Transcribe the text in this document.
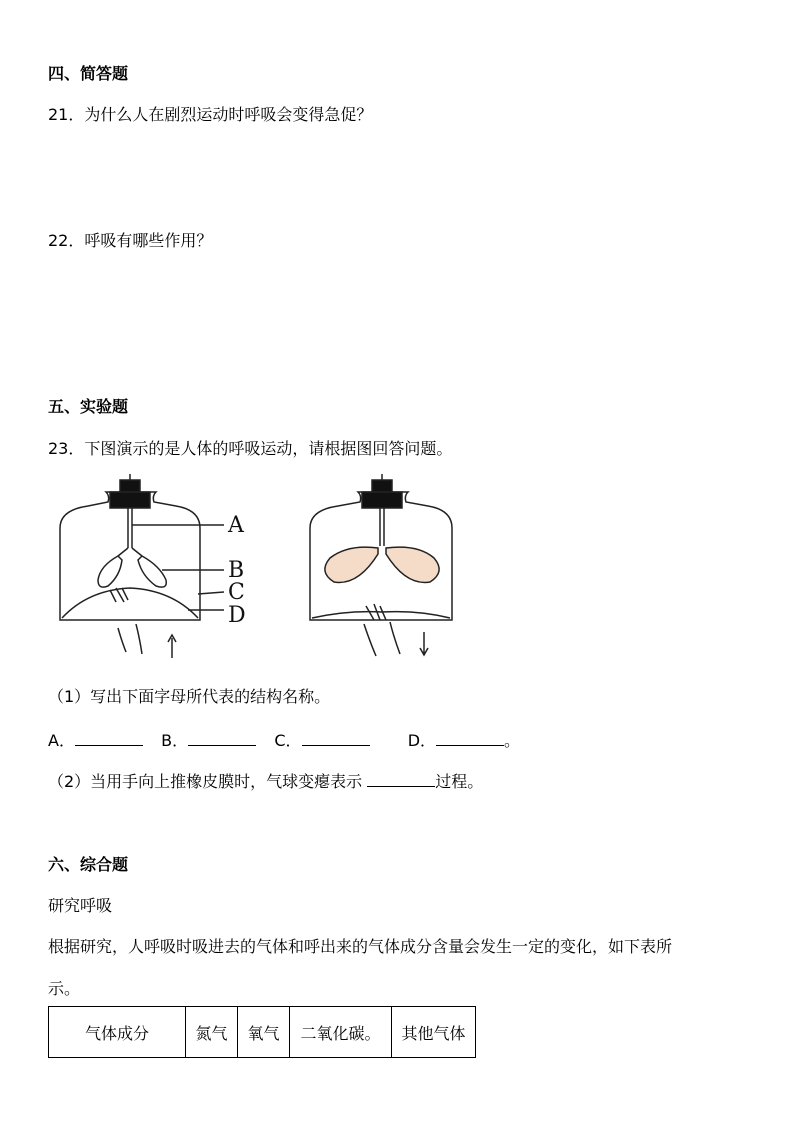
四、简答题
21．为什么人在剧烈运动时呼吸会变得急促？
22．呼吸有哪些作用？
五、实验题
23．下图演示的是人体的呼吸运动，请根据图回答问题。
A
B
C
D
（1）写出下面字母所代表的结构名称。
A．	B．	C．	D．	。
（2）当用手向上推橡皮膜时，气球变瘪表示	过程。
六、综合题
研究呼吸
根据研究，人呼吸时吸进去的气体和呼出来的气体成分含量会发生一定的变化，如下表所
示。
气体成分	氮气	氧气	二氧化碳。	其他气体
